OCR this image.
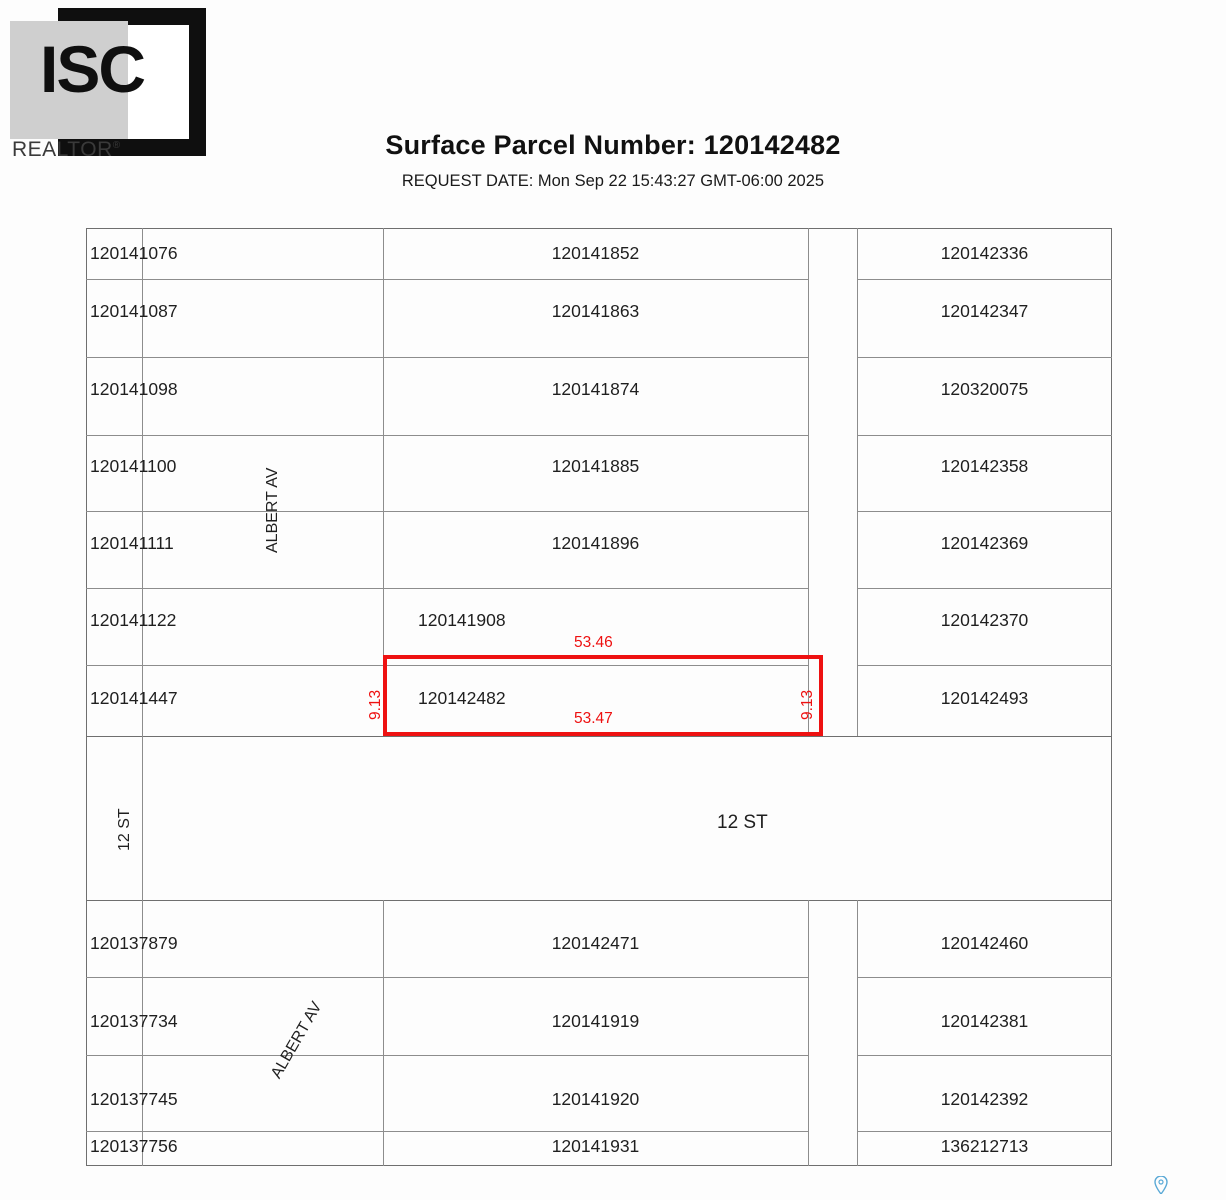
ISC
REALTOR®	Surface Parcel Number: 120142482
REQUEST DATE: Mon Sep 22 15:43:27 GMT-06:00 2025
120141076
120141087
120141098
120141100
120141111
120141122
120141447
120141852
120141863
120141874
120141885
120141896
120141908
120142482
120142336
120142347
120320075
120142358
120142369
120142370
120142493
ALBERT AV
12 ST	12 ST
ALBERT AV
120137879
120137734
120137745
120137756
120142471
120141919
120141920
120141931
120142460
120142381
120142392
136212713
53.46
53.47
9.13	9.13
